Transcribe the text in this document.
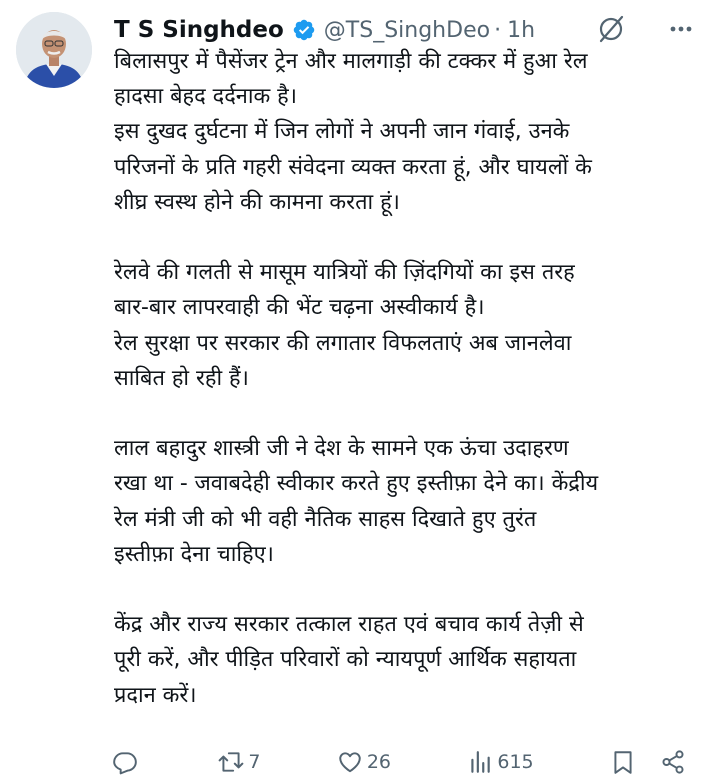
T S Singhdeo @TS_SinghDeo · 1h
बिलासपुर में पैसेंजर ट्रेन और मालगाड़ी की टक्कर में हुआ रेल
हादसा बेहद दर्दनाक है।
इस दुखद दुर्घटना में जिन लोगों ने अपनी जान गंवाई, उनके
परिजनों के प्रति गहरी संवेदना व्यक्त करता हूं, और घायलों के
शीघ्र स्वस्थ होने की कामना करता हूं।
रेलवे की गलती से मासूम यात्रियों की ज़िंदगियों का इस तरह
बार-बार लापरवाही की भेंट चढ़ना अस्वीकार्य है।
रेल सुरक्षा पर सरकार की लगातार विफलताएं अब जानलेवा
साबित हो रही हैं।
लाल बहादुर शास्त्री जी ने देश के सामने एक ऊंचा उदाहरण
रखा था - जवाबदेही स्वीकार करते हुए इस्तीफ़ा देने का। केंद्रीय
रेल मंत्री जी को भी वही नैतिक साहस दिखाते हुए तुरंत
इस्तीफ़ा देना चाहिए।
केंद्र और राज्य सरकार तत्काल राहत एवं बचाव कार्य तेज़ी से
पूरी करें, और पीड़ित परिवारों को न्यायपूर्ण आर्थिक सहायता
प्रदान करें।
7	26	615
